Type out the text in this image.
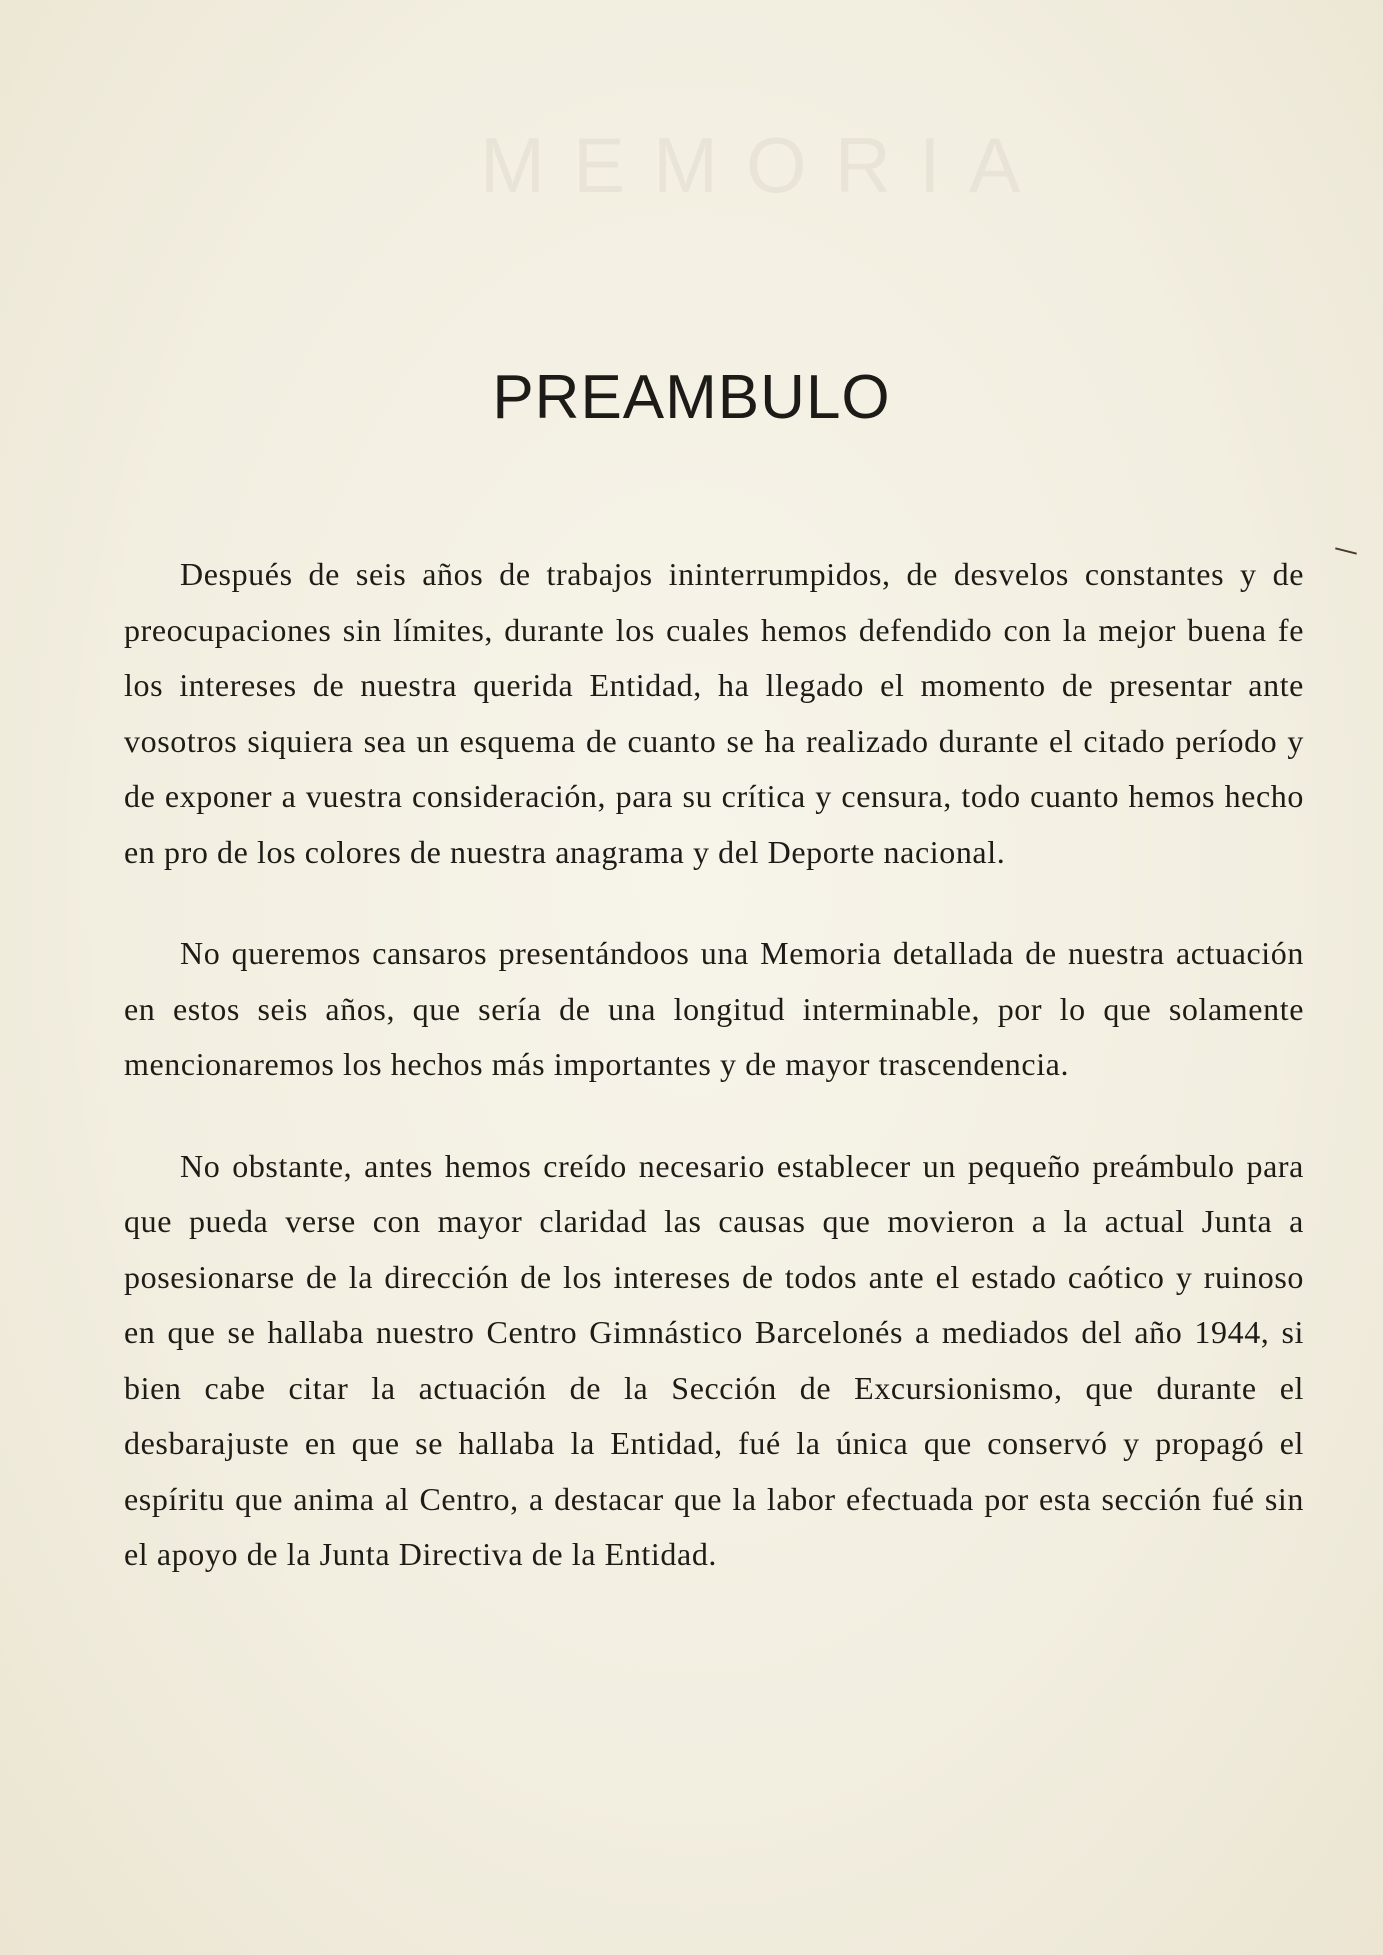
MEMORIA
PREAMBULO

Después de seis años de trabajos ininterrumpidos, de desvelos constantes y de preocupaciones sin límites, durante los cuales hemos defendido con la mejor buena fe los intereses de nuestra querida Entidad, ha llegado el momento de presentar ante vosotros siquiera sea un esquema de cuanto se ha realizado durante el citado período y de exponer a vuestra consideración, para su crítica y censura, todo cuanto hemos hecho en pro de los colores de nuestra anagrama y del Deporte nacional.

No queremos cansaros presentándoos una Memoria detallada de nuestra actuación en estos seis años, que sería de una longitud interminable, por lo que solamente mencionaremos los hechos más importantes y de mayor trascendencia.

No obstante, antes hemos creído necesario establecer un pequeño preámbulo para que pueda verse con mayor claridad las causas que movieron a la actual Junta a posesionarse de la dirección de los intereses de todos ante el estado caótico y ruinoso en que se hallaba nuestro Centro Gimnástico Barcelonés a mediados del año 1944, si bien cabe citar la actuación de la Sección de Excursionismo, que durante el desbarajuste en que se hallaba la Entidad, fué la única que conservó y propagó el espíritu que anima al Centro, a destacar que la labor efectuada por esta sección fué sin el apoyo de la Junta Directiva de la Entidad.
